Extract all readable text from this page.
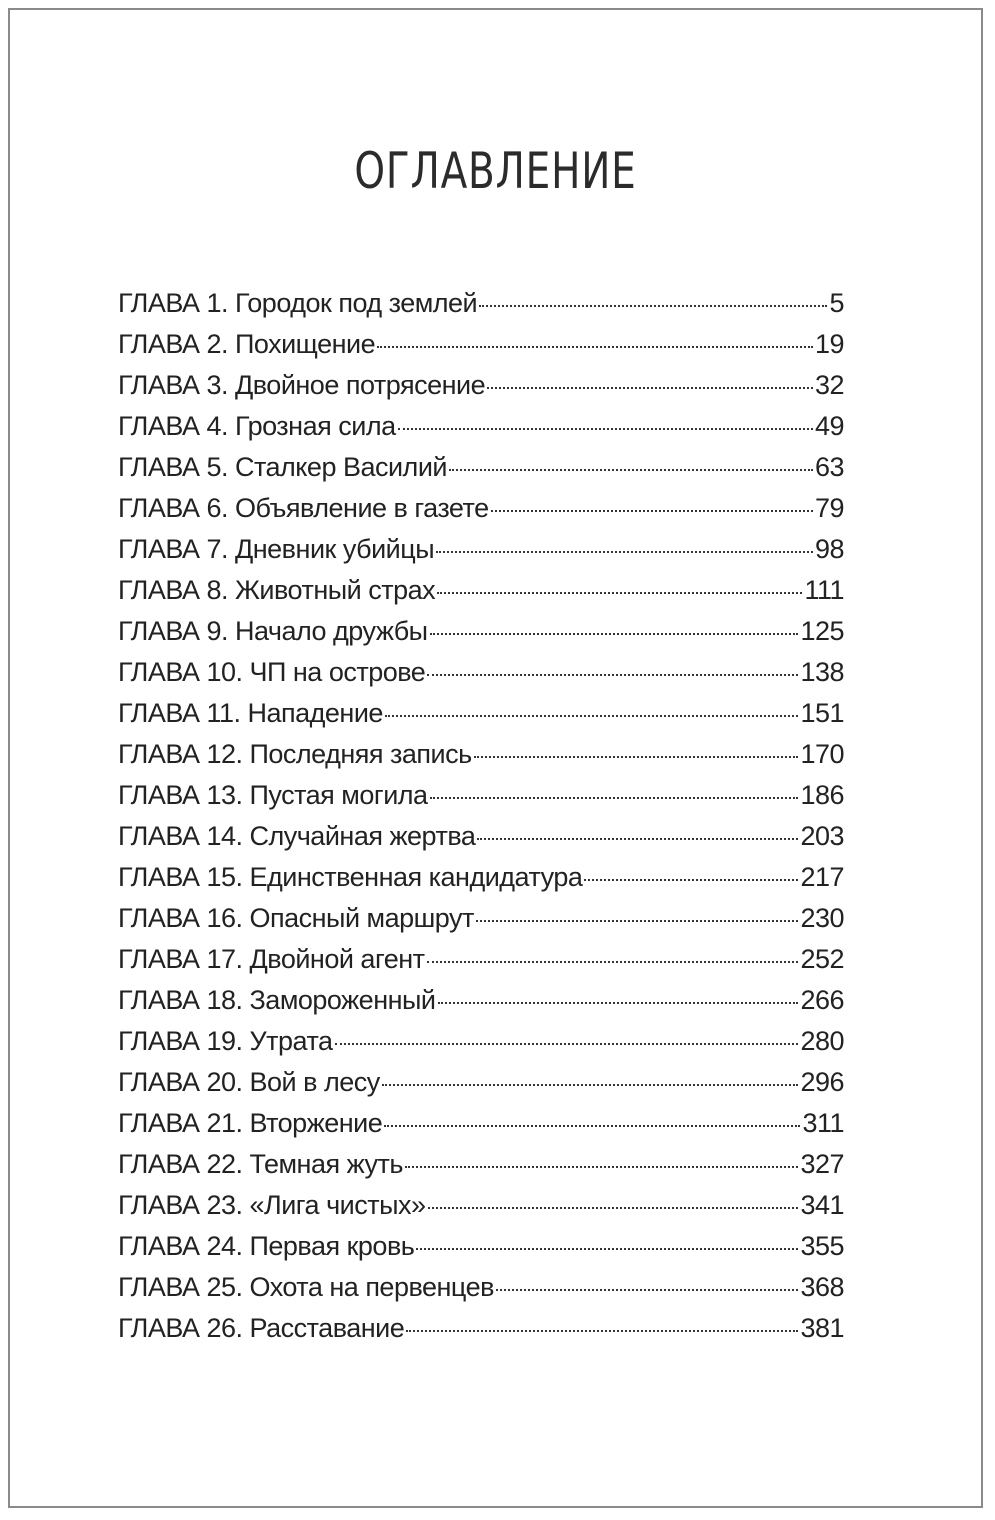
ОГЛАВЛЕНИЕ
ГЛАВА 1. Городок под землей	5
ГЛАВА 2. Похищение	19
ГЛАВА 3. Двойное потрясение	32
ГЛАВА 4. Грозная сила	49
ГЛАВА 5. Сталкер Василий	63
ГЛАВА 6. Объявление в газете	79
ГЛАВА 7. Дневник убийцы	98
ГЛАВА 8. Животный страх	111
ГЛАВА 9. Начало дружбы	125
ГЛАВА 10. ЧП на острове	138
ГЛАВА 11. Нападение	151
ГЛАВА 12. Последняя запись	170
ГЛАВА 13. Пустая могила	186
ГЛАВА 14. Случайная жертва	203
ГЛАВА 15. Единственная кандидатура	217
ГЛАВА 16. Опасный маршрут	230
ГЛАВА 17. Двойной агент	252
ГЛАВА 18. Замороженный	266
ГЛАВА 19. Утрата	280
ГЛАВА 20. Вой в лесу	296
ГЛАВА 21. Вторжение	311
ГЛАВА 22. Темная жуть	327
ГЛАВА 23. «Лига чистых»	341
ГЛАВА 24. Первая кровь	355
ГЛАВА 25. Охота на первенцев	368
ГЛАВА 26. Расставание	381
